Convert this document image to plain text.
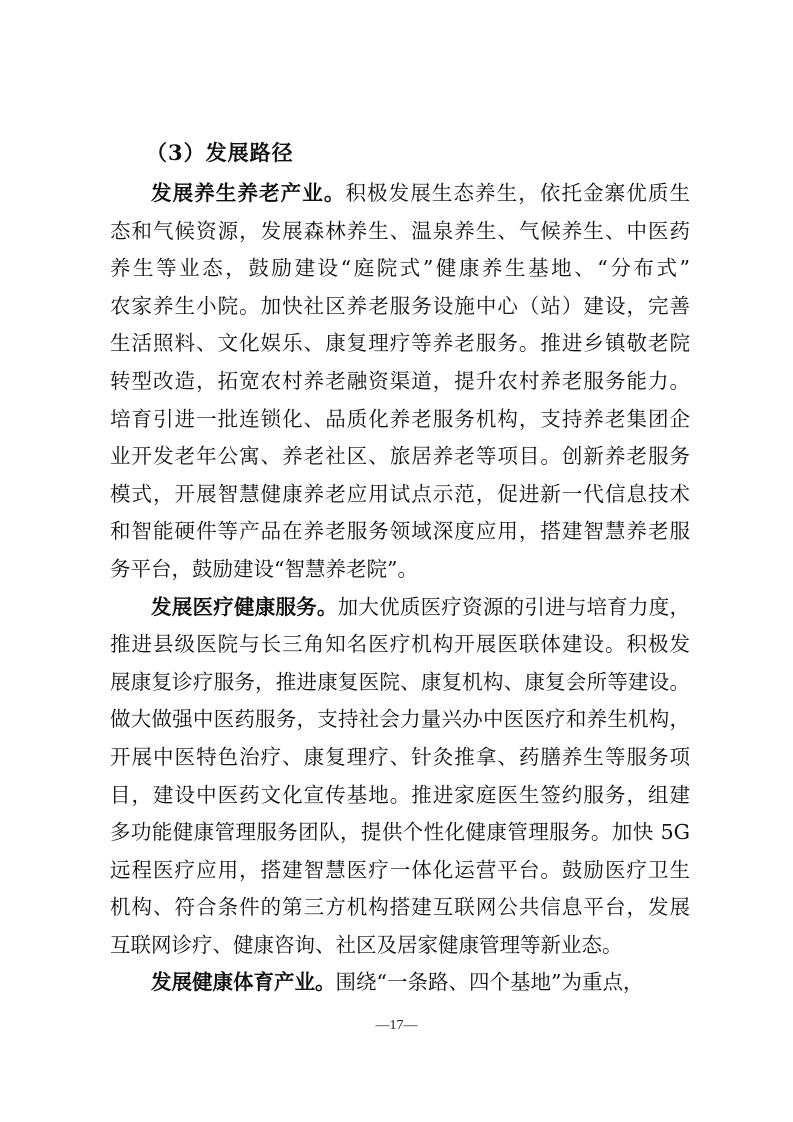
（3）发展路径
发展养生养老产业。积极发展生态养生，依托金寨优质生
态和气候资源，发展森林养生、温泉养生、气候养生、中医药
养生等业态，鼓励建设“庭院式”健康养生基地、“分布式”
农家养生小院。加快社区养老服务设施中心（站）建设，完善
生活照料、文化娱乐、康复理疗等养老服务。推进乡镇敬老院
转型改造，拓宽农村养老融资渠道，提升农村养老服务能力。
培育引进一批连锁化、品质化养老服务机构，支持养老集团企
业开发老年公寓、养老社区、旅居养老等项目。创新养老服务
模式，开展智慧健康养老应用试点示范，促进新一代信息技术
和智能硬件等产品在养老服务领域深度应用，搭建智慧养老服
务平台，鼓励建设“智慧养老院”。
发展医疗健康服务。加大优质医疗资源的引进与培育力度，
推进县级医院与长三角知名医疗机构开展医联体建设。积极发
展康复诊疗服务，推进康复医院、康复机构、康复会所等建设。
做大做强中医药服务，支持社会力量兴办中医医疗和养生机构，
开展中医特色治疗、康复理疗、针灸推拿、药膳养生等服务项
目，建设中医药文化宣传基地。推进家庭医生签约服务，组建
多功能健康管理服务团队，提供个性化健康管理服务。加快 5G
远程医疗应用，搭建智慧医疗一体化运营平台。鼓励医疗卫生
机构、符合条件的第三方机构搭建互联网公共信息平台，发展
互联网诊疗、健康咨询、社区及居家健康管理等新业态。
发展健康体育产业。围绕“一条路、四个基地”为重点，
—17—
